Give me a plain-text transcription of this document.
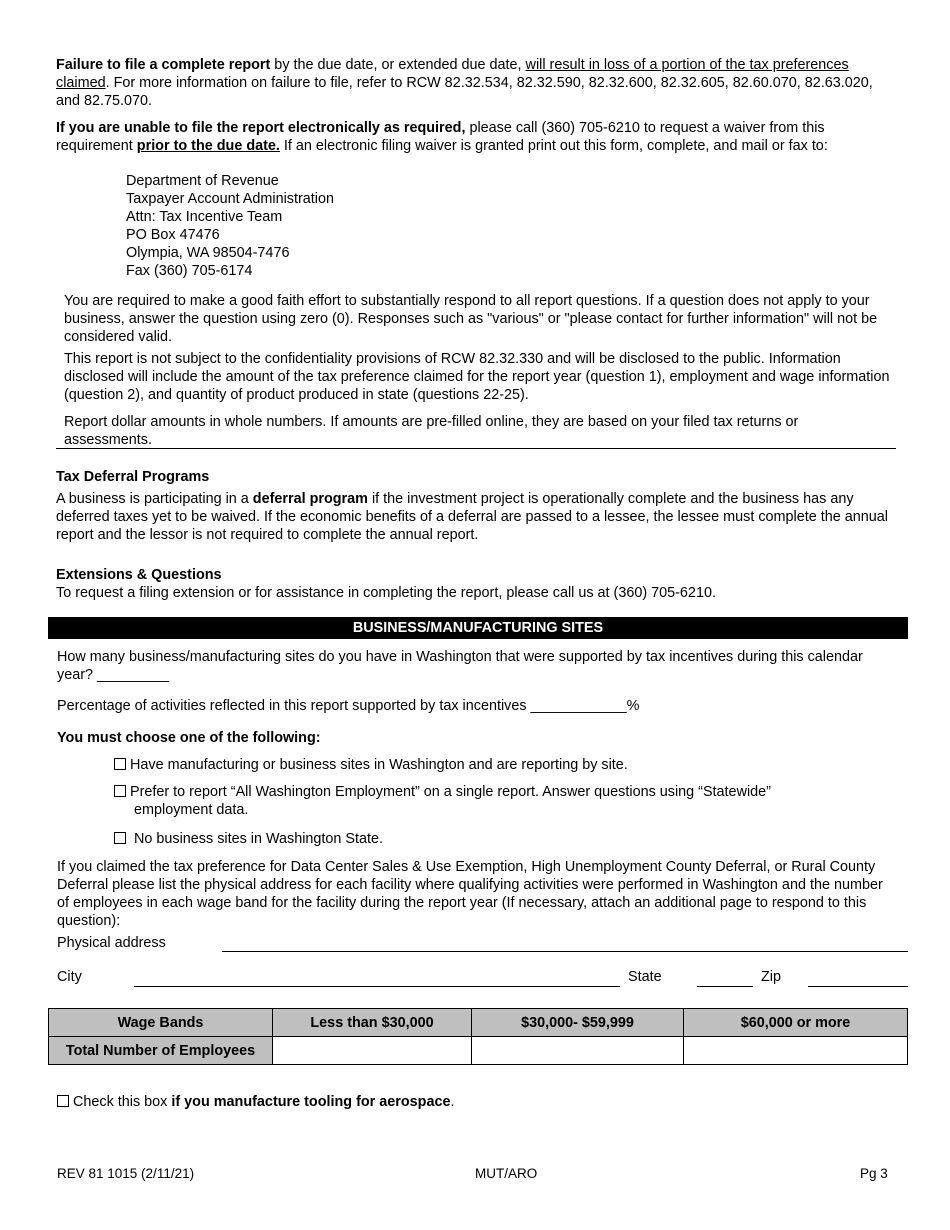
Failure to file a complete report by the due date, or extended due date, will result in loss of a portion of the tax preferences claimed. For more information on failure to file, refer to RCW 82.32.534, 82.32.590, 82.32.600, 82.32.605, 82.60.070, 82.63.020, and 82.75.070.

If you are unable to file the report electronically as required, please call (360) 705-6210 to request a waiver from this requirement prior to the due date. If an electronic filing waiver is granted print out this form, complete, and mail or fax to:

Department of Revenue
Taxpayer Account Administration
Attn: Tax Incentive Team
PO Box 47476
Olympia, WA 98504-7476
Fax (360) 705-6174

You are required to make a good faith effort to substantially respond to all report questions. If a question does not apply to your business, answer the question using zero (0). Responses such as "various" or "please contact for further information" will not be considered valid.

This report is not subject to the confidentiality provisions of RCW 82.32.330 and will be disclosed to the public. Information disclosed will include the amount of the tax preference claimed for the report year (question 1), employment and wage information (question 2), and quantity of product produced in state (questions 22-25).

Report dollar amounts in whole numbers. If amounts are pre-filled online, they are based on your filed tax returns or assessments.

Tax Deferral Programs

A business is participating in a deferral program if the investment project is operationally complete and the business has any deferred taxes yet to be waived. If the economic benefits of a deferral are passed to a lessee, the lessee must complete the annual report and the lessor is not required to complete the annual report.

Extensions & Questions

To request a filing extension or for assistance in completing the report, please call us at (360) 705-6210.

BUSINESS/MANUFACTURING SITES

How many business/manufacturing sites do you have in Washington that were supported by tax incentives during this calendar year? _________

Percentage of activities reflected in this report supported by tax incentives ____________%

You must choose one of the following:

Have manufacturing or business sites in Washington and are reporting by site.

Prefer to report “All Washington Employment” on a single report. Answer questions using “Statewide”
employment data.

No business sites in Washington State.

If you claimed the tax preference for Data Center Sales & Use Exemption, High Unemployment County Deferral, or Rural County Deferral please list the physical address for each facility where qualifying activities were performed in Washington and the number of employees in each wage band for the facility during the report year (If necessary, attach an additional page to respond to this question):

Physical address

City	State	Zip

Wage Bands	Less than $30,000	$30,000- $59,999	$60,000 or more
Total Number of Employees			

Check this box if you manufacture tooling for aerospace.

REV 81 1015 (2/11/21)	MUT/ARO	Pg 3
